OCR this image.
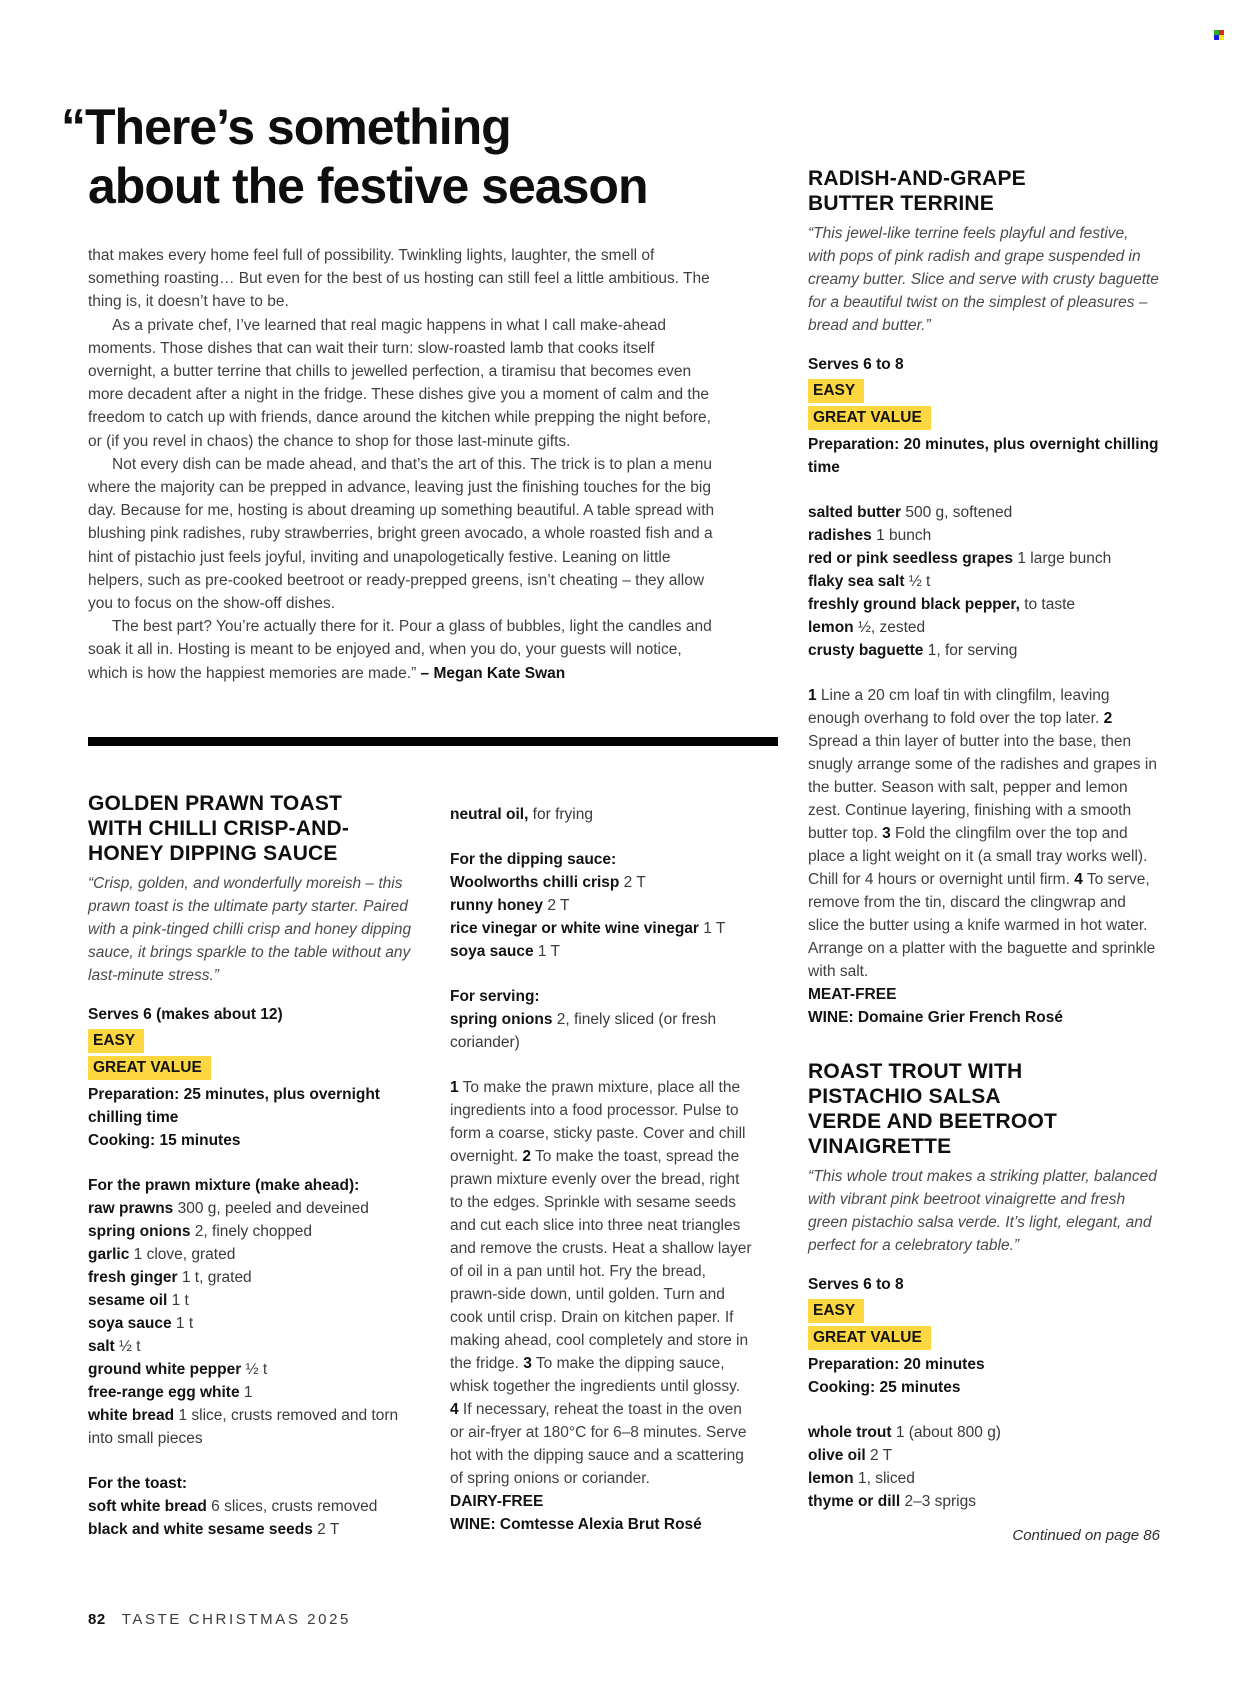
“There’s something
about the festive season

that makes every home feel full of possibility. Twinkling lights, laughter, the smell of something roasting… But even for the best of us hosting can still feel a little ambitious. The thing is, it doesn’t have to be.

As a private chef, I’ve learned that real magic happens in what I call make-ahead moments. Those dishes that can wait their turn: slow-roasted lamb that cooks itself overnight, a butter terrine that chills to jewelled perfection, a tiramisu that becomes even more decadent after a night in the fridge. These dishes give you a moment of calm and the freedom to catch up with friends, dance around the kitchen while prepping the night before, or (if you revel in chaos) the chance to shop for those last-minute gifts.

Not every dish can be made ahead, and that’s the art of this. The trick is to plan a menu where the majority can be prepped in advance, leaving just the finishing touches for the big day. Because for me, hosting is about dreaming up something beautiful. A table spread with blushing pink radishes, ruby strawberries, bright green avocado, a whole roasted fish and a hint of pistachio just feels joyful, inviting and unapologetically festive. Leaning on little helpers, such as pre-cooked beetroot or ready-prepped greens, isn’t cheating – they allow you to focus on the show-off dishes.

The best part? You’re actually there for it. Pour a glass of bubbles, light the candles and soak it all in. Hosting is meant to be enjoyed and, when you do, your guests will notice, which is how the happiest memories are made.” – Megan Kate Swan

GOLDEN PRAWN TOAST
WITH CHILLI CRISP-AND-
HONEY DIPPING SAUCE

“Crisp, golden, and wonderfully moreish – this prawn toast is the ultimate party starter. Paired with a pink-tinged chilli crisp and honey dipping sauce, it brings sparkle to the table without any last-minute stress.”

Serves 6 (makes about 12)
EASY
GREAT VALUE
Preparation: 25 minutes, plus overnight chilling time
Cooking: 15 minutes
For the prawn mixture (make ahead):
raw prawns 300 g, peeled and deveined
spring onions 2, finely chopped
garlic 1 clove, grated
fresh ginger 1 t, grated
sesame oil 1 t
soya sauce 1 t
salt ½ t
ground white pepper ½ t
free-range egg white 1
white bread 1 slice, crusts removed and torn into small pieces
For the toast:
soft white bread 6 slices, crusts removed
black and white sesame seeds 2 T
neutral oil, for frying
For the dipping sauce:
Woolworths chilli crisp 2 T
runny honey 2 T
rice vinegar or white wine vinegar 1 T
soya sauce 1 T
For serving:
spring onions 2, finely sliced (or fresh coriander)

1 To make the prawn mixture, place all the ingredients into a food processor. Pulse to form a coarse, sticky paste. Cover and chill overnight. 2 To make the toast, spread the prawn mixture evenly over the bread, right to the edges. Sprinkle with sesame seeds and cut each slice into three neat triangles and remove the crusts. Heat a shallow layer of oil in a pan until hot. Fry the bread, prawn-side down, until golden. Turn and cook until crisp. Drain on kitchen paper. If making ahead, cool completely and store in the fridge. 3 To make the dipping sauce, whisk together the ingredients until glossy. 4 If necessary, reheat the toast in the oven or air-fryer at 180°C for 6–8 minutes. Serve hot with the dipping sauce and a scattering of spring onions or coriander.

DAIRY-FREE
WINE: Comtesse Alexia Brut Rosé
RADISH-AND-GRAPE
BUTTER TERRINE

“This jewel-like terrine feels playful and festive, with pops of pink radish and grape suspended in creamy butter. Slice and serve with crusty baguette for a beautiful twist on the simplest of pleasures – bread and butter.”

Serves 6 to 8
EASY
GREAT VALUE
Preparation: 20 minutes, plus overnight chilling time
salted butter 500 g, softened
radishes 1 bunch
red or pink seedless grapes 1 large bunch
flaky sea salt ½ t
freshly ground black pepper, to taste
lemon ½, zested
crusty baguette 1, for serving

1 Line a 20 cm loaf tin with clingfilm, leaving enough overhang to fold over the top later. 2 Spread a thin layer of butter into the base, then snugly arrange some of the radishes and grapes in the butter. Season with salt, pepper and lemon zest. Continue layering, finishing with a smooth butter top. 3 Fold the clingfilm over the top and place a light weight on it (a small tray works well). Chill for 4 hours or overnight until firm. 4 To serve, remove from the tin, discard the clingwrap and slice the butter using a knife warmed in hot water. Arrange on a platter with the baguette and sprinkle with salt.

MEAT-FREE
WINE: Domaine Grier French Rosé
ROAST TROUT WITH
PISTACHIO SALSA
VERDE AND BEETROOT
VINAIGRETTE

“This whole trout makes a striking platter, balanced with vibrant pink beetroot vinaigrette and fresh green pistachio salsa verde. It’s light, elegant, and perfect for a celebratory table.”

Serves 6 to 8
EASY
GREAT VALUE
Preparation: 20 minutes
Cooking: 25 minutes
whole trout 1 (about 800 g)
olive oil 2 T
lemon 1, sliced
thyme or dill 2–3 sprigs
Continued on page 86
82 TASTE CHRISTMAS 2025
